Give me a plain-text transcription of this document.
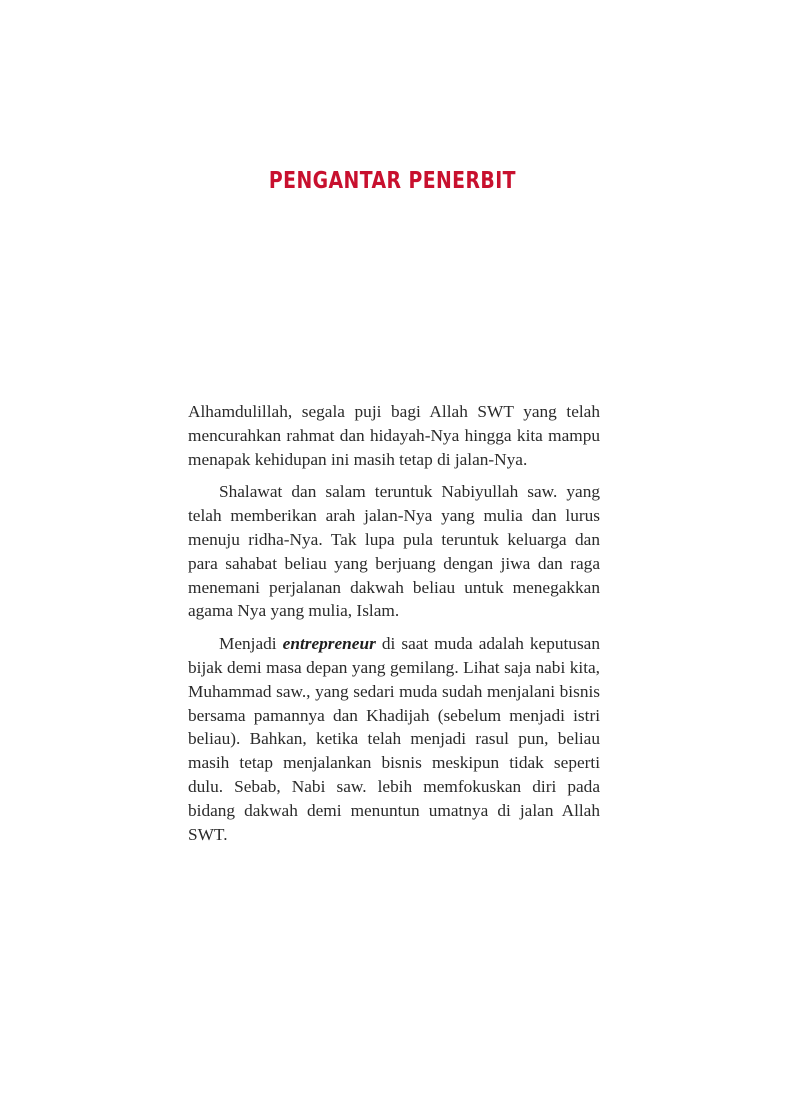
PENGANTAR PENERBIT

Alhamdulillah, segala puji bagi Allah SWT yang telah mencurahkan rahmat dan hidayah-Nya hingga kita mampu menapak kehidupan ini masih tetap di jalan-Nya.

Shalawat dan salam teruntuk Nabiyullah saw. yang telah memberikan arah jalan-Nya yang mulia dan lurus menuju ridha-Nya. Tak lupa pula teruntuk keluarga dan para sahabat beliau yang berjuang dengan jiwa dan raga menemani perjalanan dakwah beliau untuk menegakkan agama Nya yang mulia, Islam.

Menjadi entrepreneur di saat muda adalah keputusan bijak demi masa depan yang gemilang. Lihat saja nabi kita, Muhammad saw., yang sedari muda sudah menjalani bisnis bersama pamannya dan Khadijah (sebelum menjadi istri beliau). Bahkan, ketika telah menjadi rasul pun, beliau masih tetap menjalankan bisnis meskipun tidak seperti dulu. Sebab, Nabi saw. lebih memfokuskan diri pada bidang dakwah demi menuntun umatnya di jalan Allah SWT.
